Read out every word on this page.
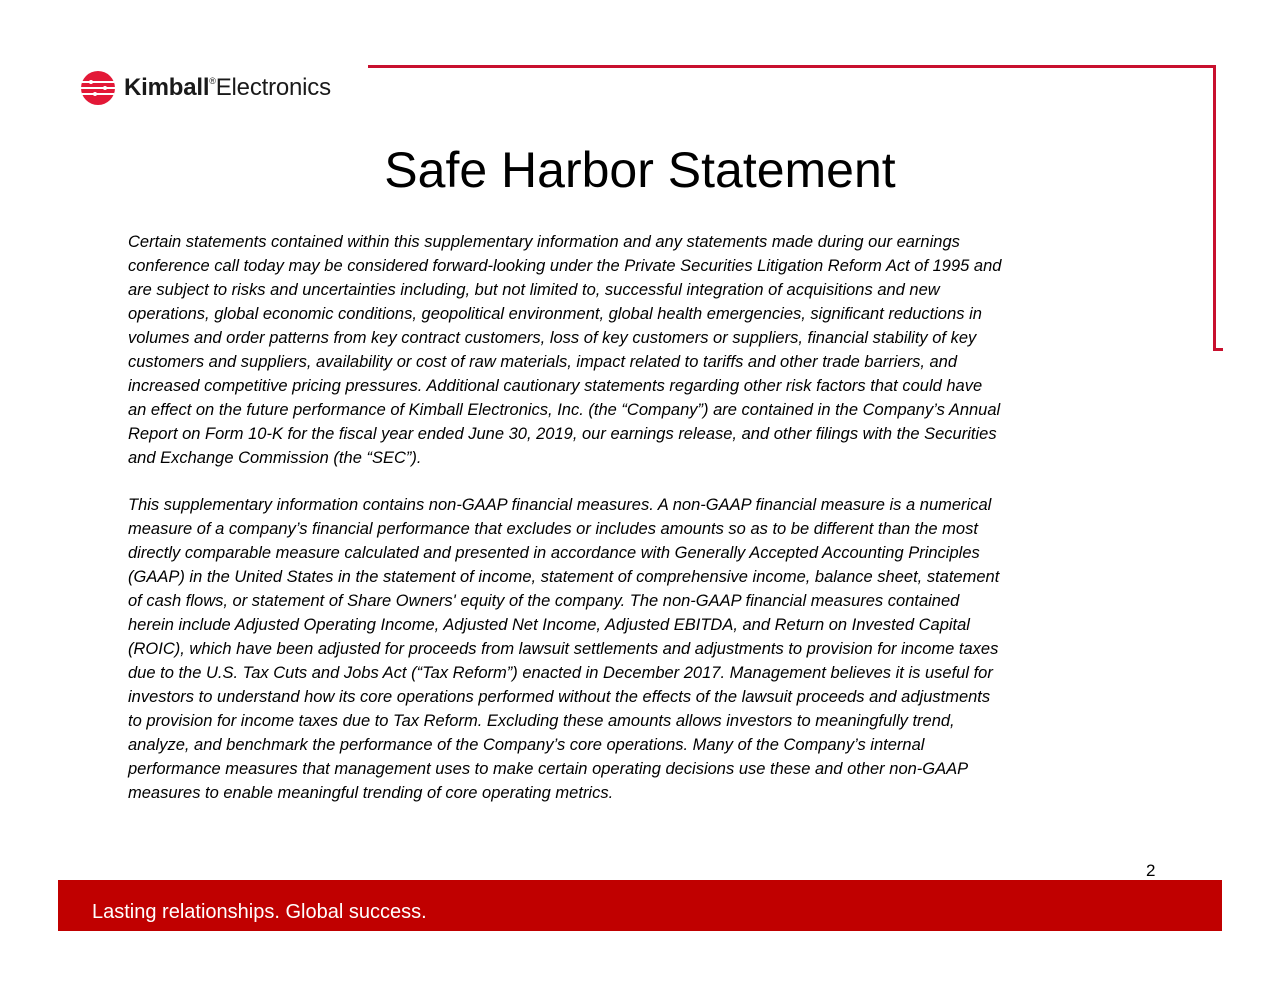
Kimball®Electronics
Safe Harbor Statement

Certain statements contained within this supplementary information and any statements made during our earnings
conference call today may be considered forward-looking under the Private Securities Litigation Reform Act of 1995 and
are subject to risks and uncertainties including, but not limited to, successful integration of acquisitions and new
operations, global economic conditions, geopolitical environment, global health emergencies, significant reductions in
volumes and order patterns from key contract customers, loss of key customers or suppliers, financial stability of key
customers and suppliers, availability or cost of raw materials, impact related to tariffs and other trade barriers, and
increased competitive pricing pressures. Additional cautionary statements regarding other risk factors that could have
an effect on the future performance of Kimball Electronics, Inc. (the “Company”) are contained in the Company’s Annual
Report on Form 10-K for the fiscal year ended June 30, 2019, our earnings release, and other filings with the Securities
and Exchange Commission (the “SEC”).

This supplementary information contains non-GAAP financial measures. A non-GAAP financial measure is a numerical
measure of a company’s financial performance that excludes or includes amounts so as to be different than the most
directly comparable measure calculated and presented in accordance with Generally Accepted Accounting Principles
(GAAP) in the United States in the statement of income, statement of comprehensive income, balance sheet, statement
of cash flows, or statement of Share Owners' equity of the company. The non-GAAP financial measures contained
herein include Adjusted Operating Income, Adjusted Net Income, Adjusted EBITDA, and Return on Invested Capital
(ROIC), which have been adjusted for proceeds from lawsuit settlements and adjustments to provision for income taxes
due to the U.S. Tax Cuts and Jobs Act (“Tax Reform”) enacted in December 2017. Management believes it is useful for
investors to understand how its core operations performed without the effects of the lawsuit proceeds and adjustments
to provision for income taxes due to Tax Reform. Excluding these amounts allows investors to meaningfully trend,
analyze, and benchmark the performance of the Company’s core operations. Many of the Company’s internal
performance measures that management uses to make certain operating decisions use these and other non-GAAP
measures to enable meaningful trending of core operating metrics.

2
Lasting relationships. Global success.
